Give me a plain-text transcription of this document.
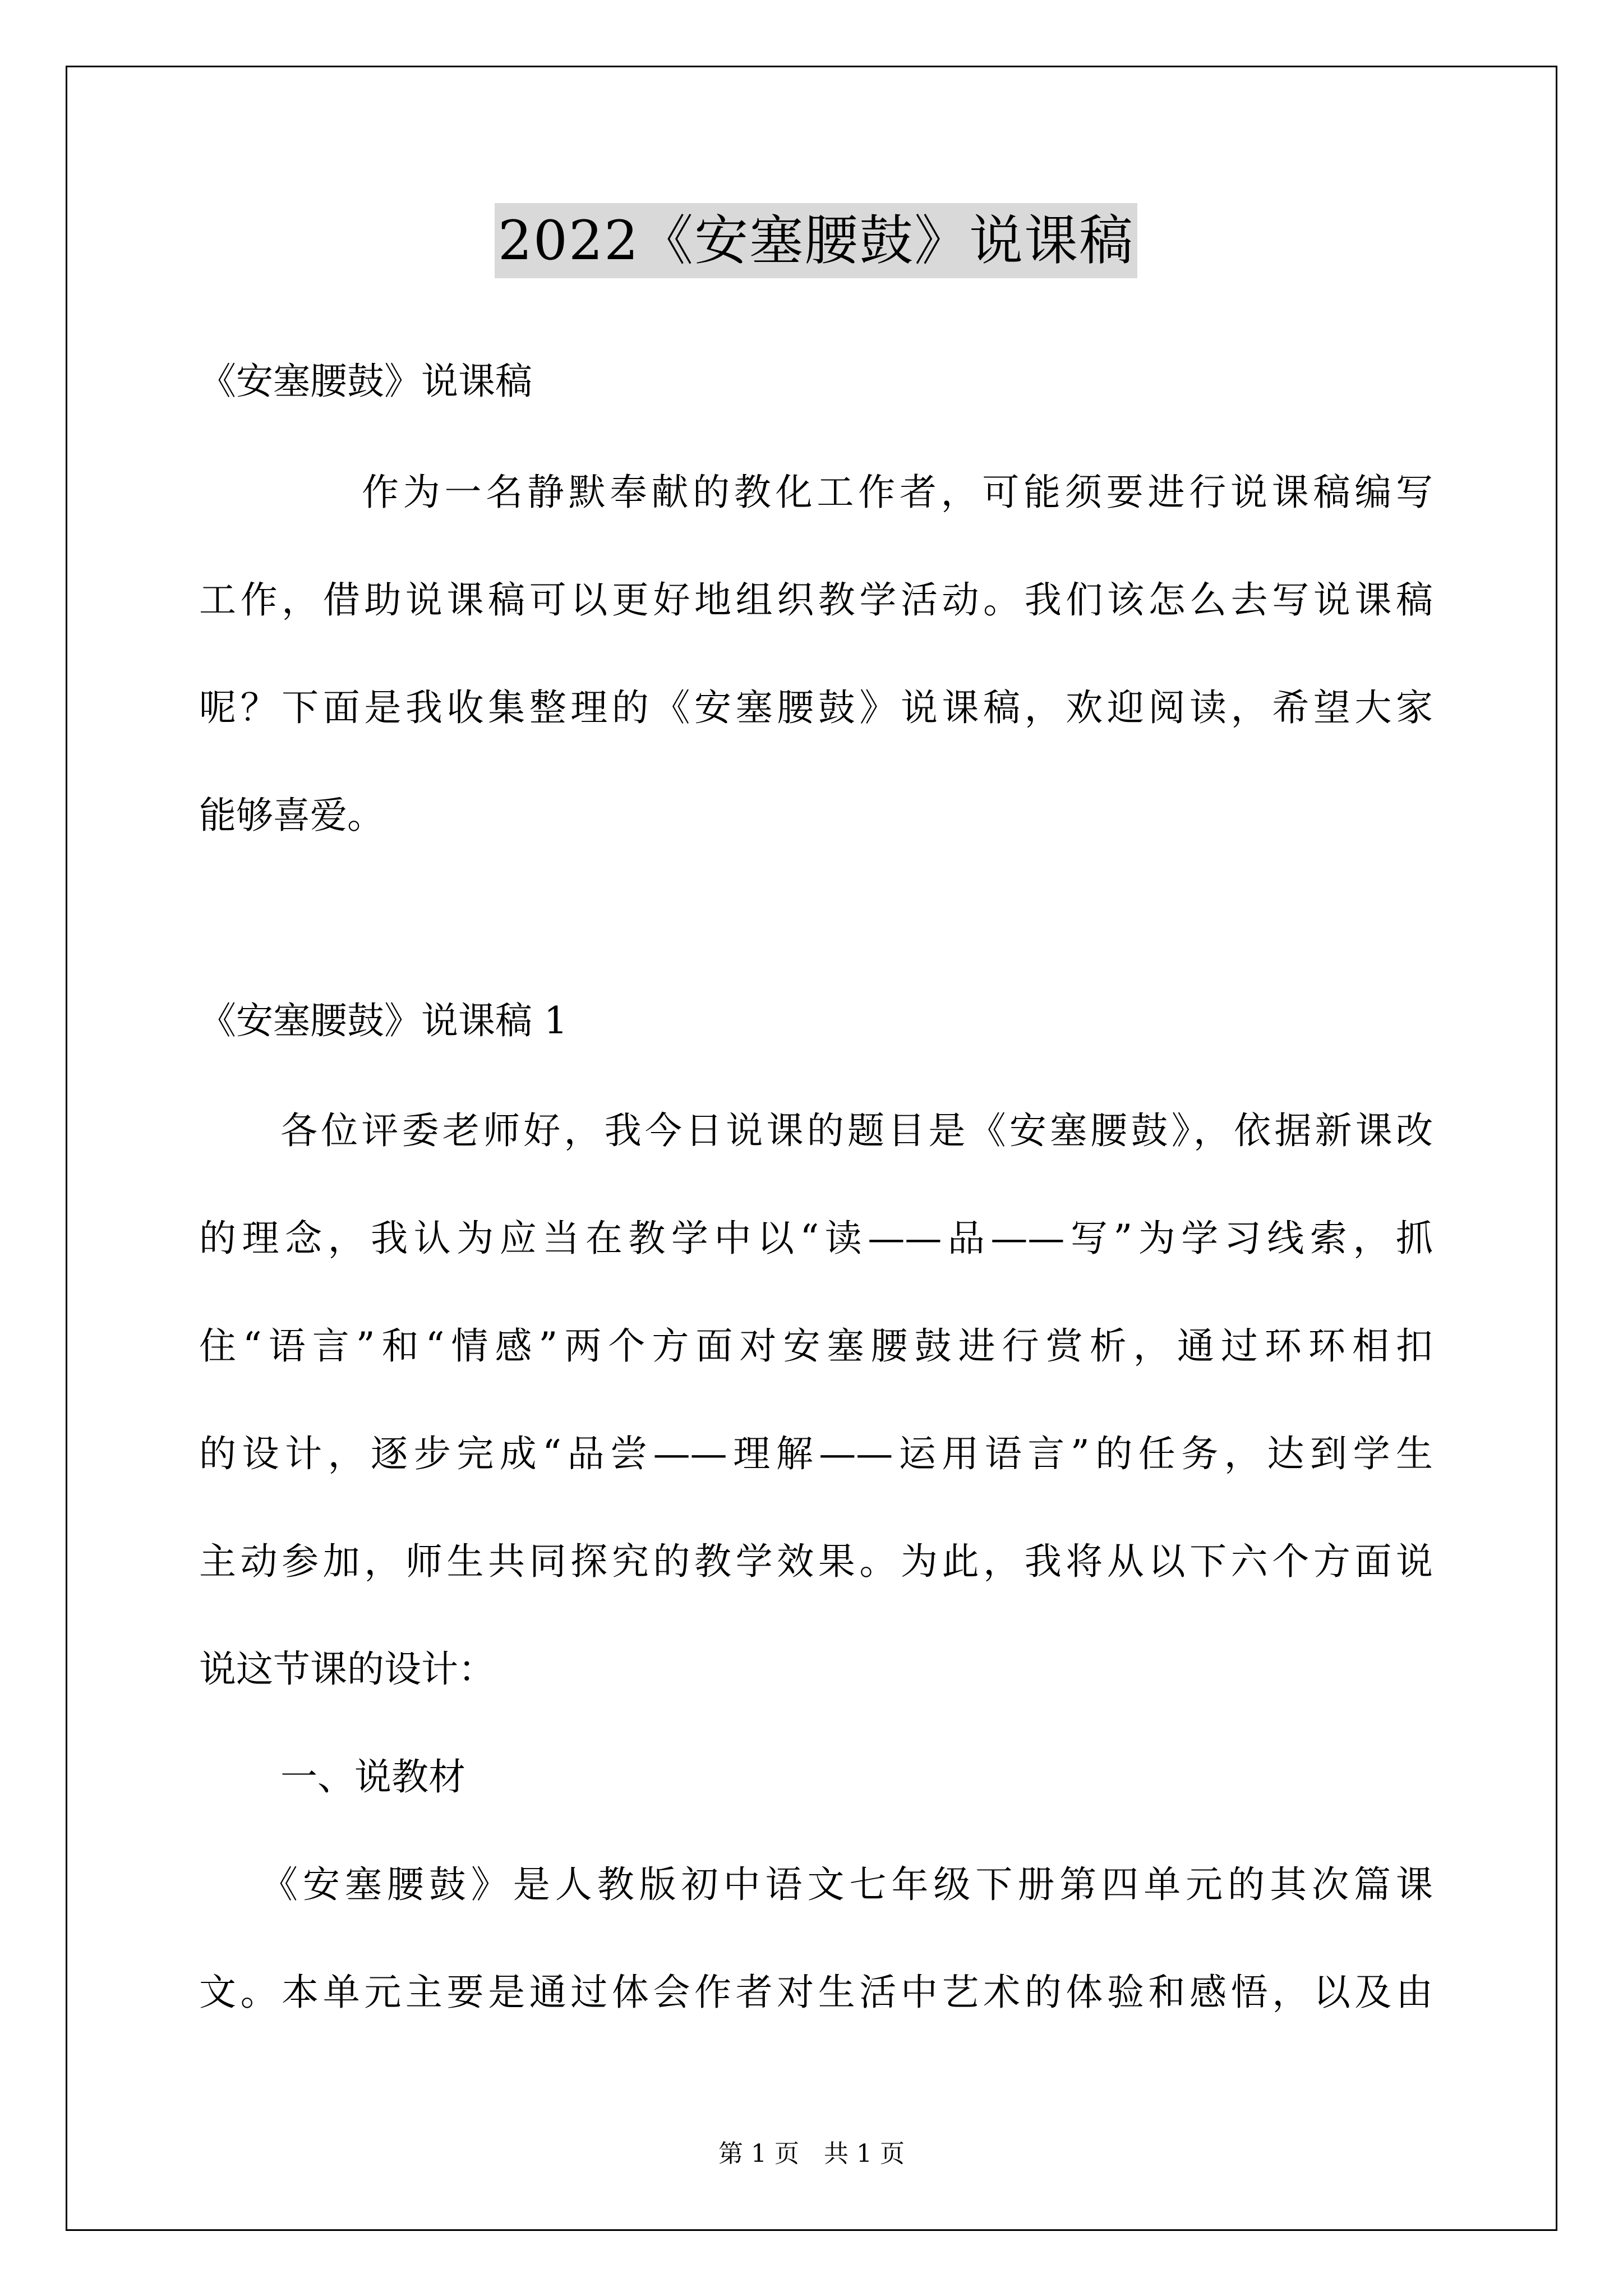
2022《安塞腰鼓》说课稿
《安塞腰鼓》说课稿
作为一名静默奉献的教化工作者，可能须要进行说课稿编写
工作，借助说课稿可以更好地组织教学活动。我们该怎么去写说课稿
呢？下面是我收集整理的《安塞腰鼓》说课稿，欢迎阅读，希望大家
能够喜爱。
《安塞腰鼓》说课稿 1
各位评委老师好，我今日说课的题目是《安塞腰鼓》，依据新课改
的理念，我认为应当在教学中以“读——品——写”为学习线索，抓
住“语言”和“情感”两个方面对安塞腰鼓进行赏析，通过环环相扣
的设计，逐步完成“品尝——理解——运用语言”的任务，达到学生
主动参加，师生共同探究的教学效果。为此，我将从以下六个方面说
说这节课的设计：
一、说教材
《安塞腰鼓》是人教版初中语文七年级下册第四单元的其次篇课
文。本单元主要是通过体会作者对生活中艺术的体验和感悟，以及由
第 1 页　共 1 页
